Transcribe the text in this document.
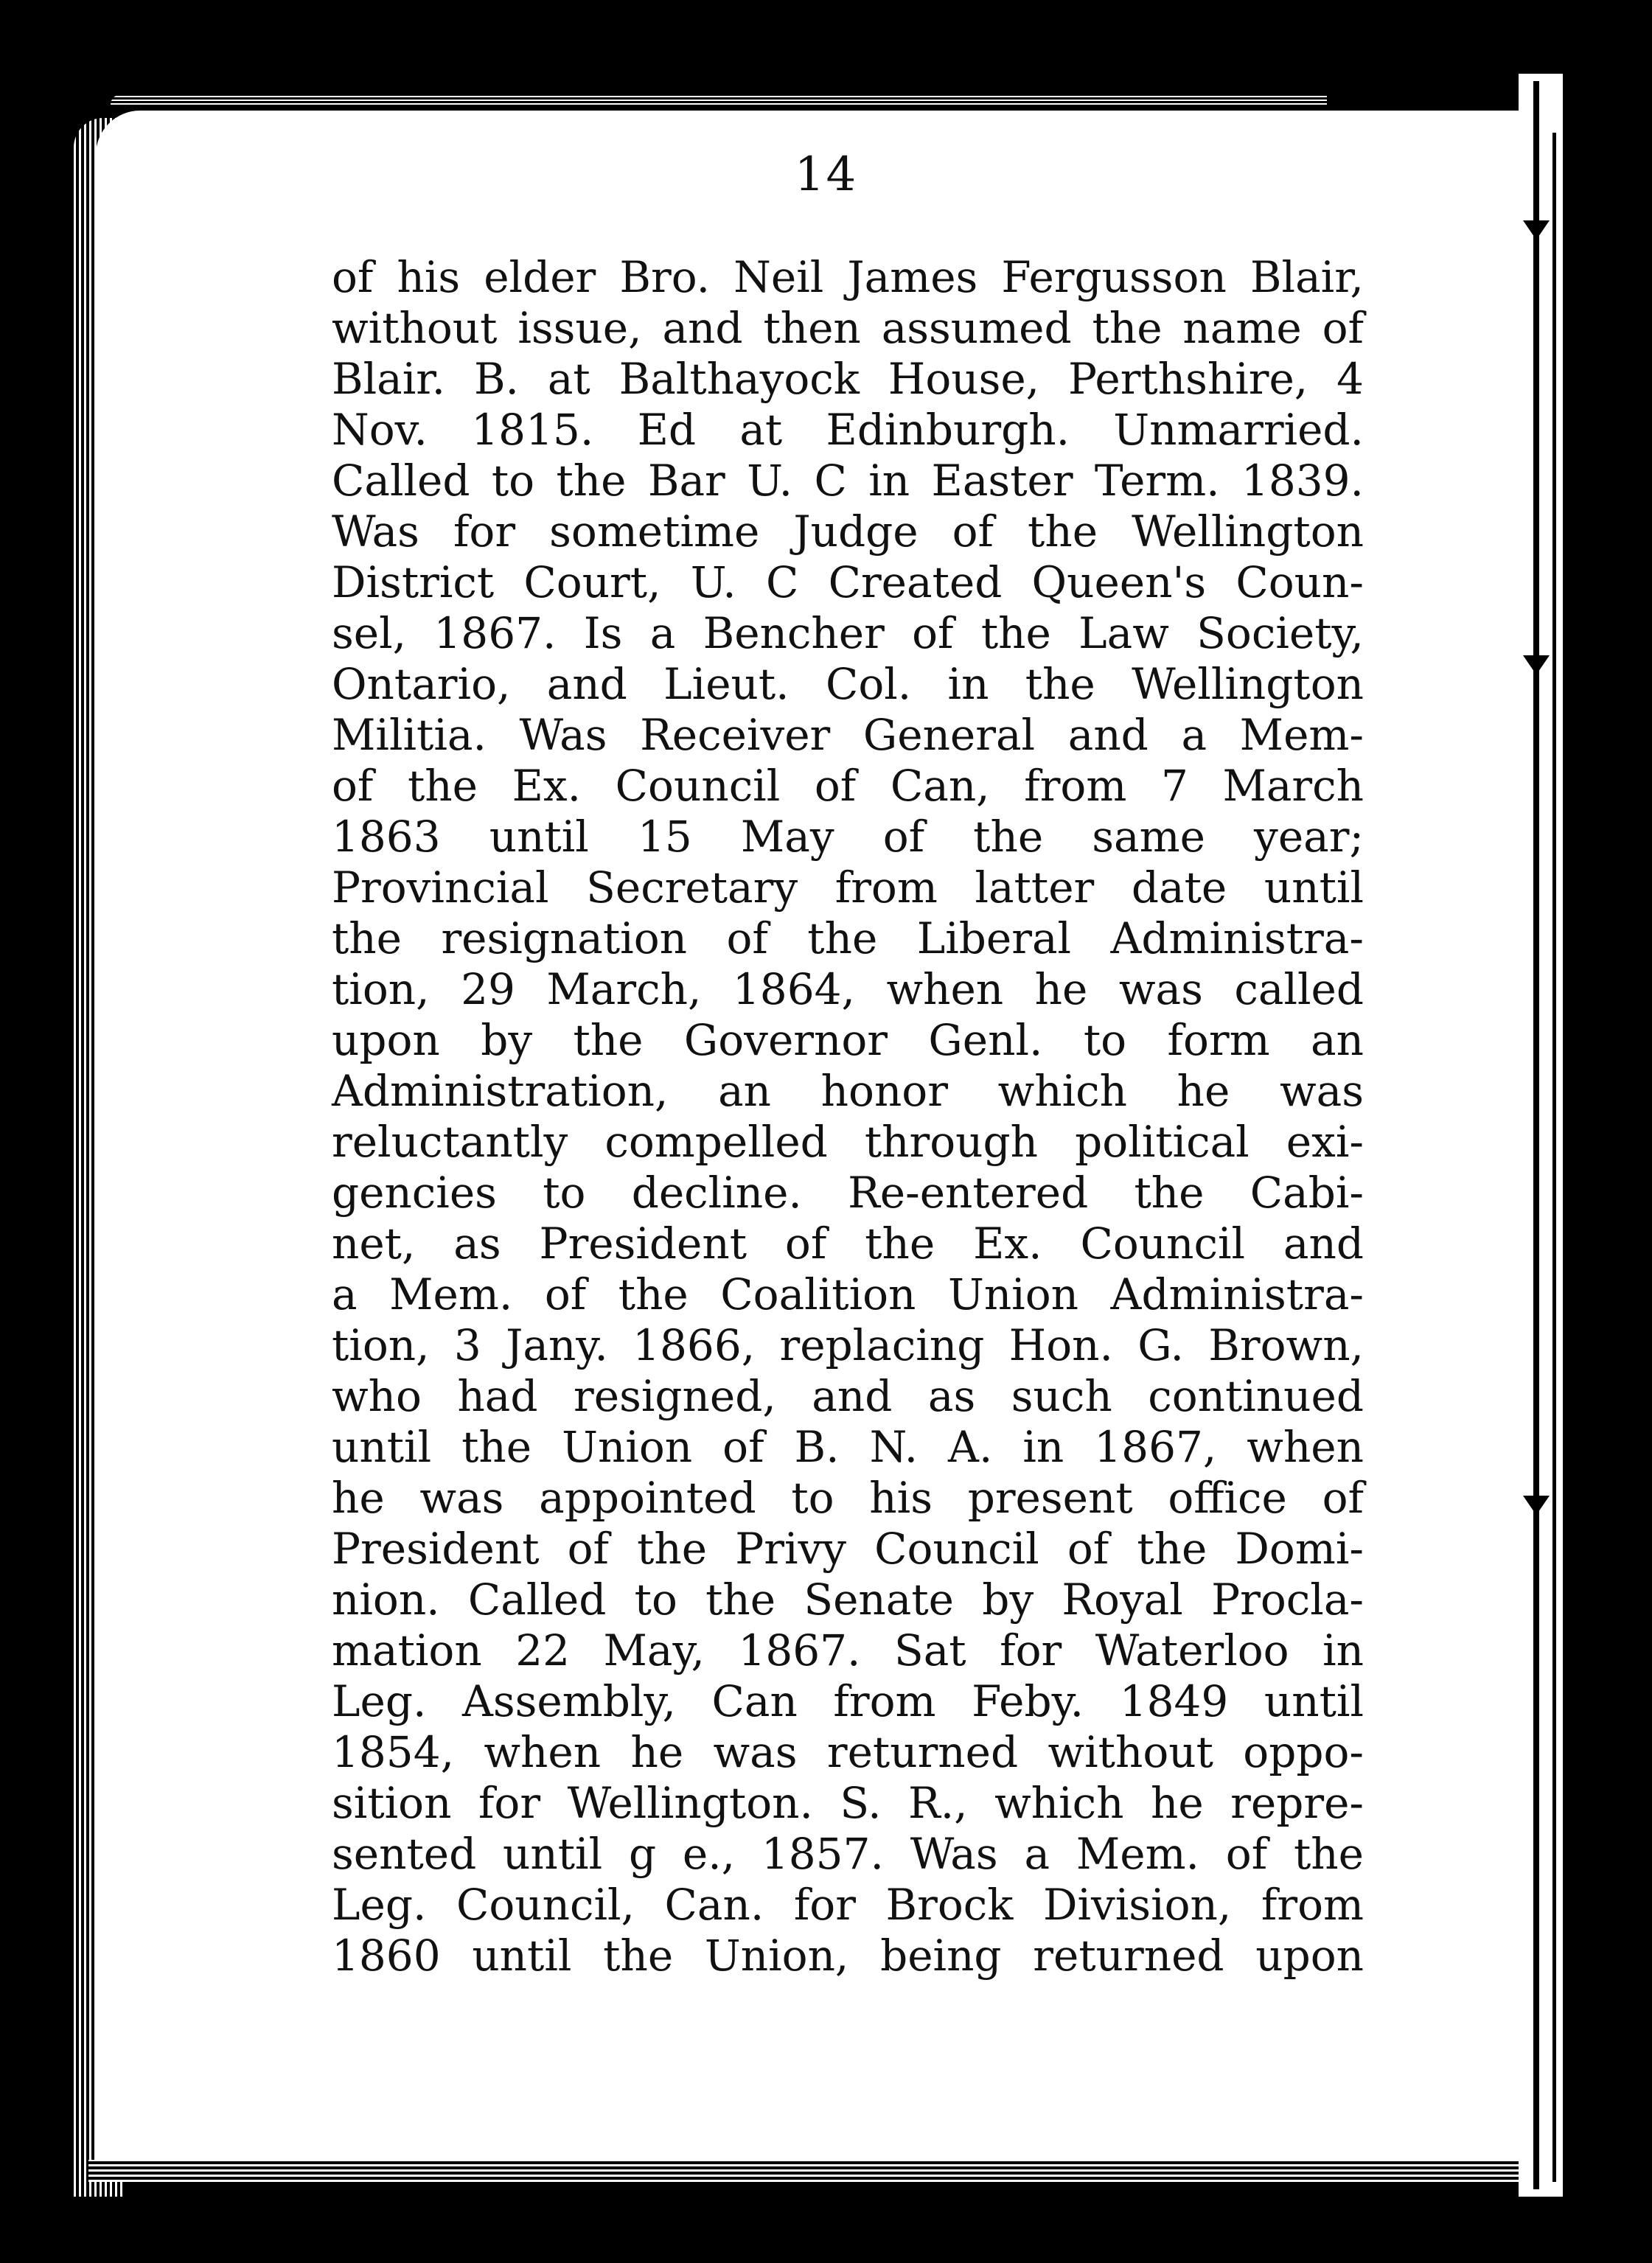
14
of his elder Bro. Neil James Fergusson Blair,
without issue, and then assumed the name of
Blair. B. at Balthayock House, Perthshire, 4
Nov. 1815. Ed at Edinburgh. Unmarried.
Called to the Bar U. C in Easter Term. 1839.
Was for sometime Judge of the Wellington
District Court, U. C Created Queen's Coun-
sel, 1867. Is a Bencher of the Law Society,
Ontario, and Lieut. Col. in the Wellington
Militia. Was Receiver General and a Mem-
of the Ex. Council of Can, from 7 March
1863 until 15 May of the same year;
Provincial Secretary from latter date until
the resignation of the Liberal Administra-
tion, 29 March, 1864, when he was called
upon by the Governor Genl. to form an
Administration, an honor which he was
reluctantly compelled through political exi-
gencies to decline. Re-entered the Cabi-
net, as President of the Ex. Council and
a Mem. of the Coalition Union Administra-
tion, 3 Jany. 1866, replacing Hon. G. Brown,
who had resigned, and as such continued
until the Union of B. N. A. in 1867, when
he was appointed to his present office of
President of the Privy Council of the Domi-
nion. Called to the Senate by Royal Procla-
mation 22 May, 1867. Sat for Waterloo in
Leg. Assembly, Can from Feby. 1849 until
1854, when he was returned without oppo-
sition for Wellington. S. R., which he repre-
sented until g e., 1857. Was a Mem. of the
Leg. Council, Can. for Brock Division, from
1860 until the Union, being returned upon
